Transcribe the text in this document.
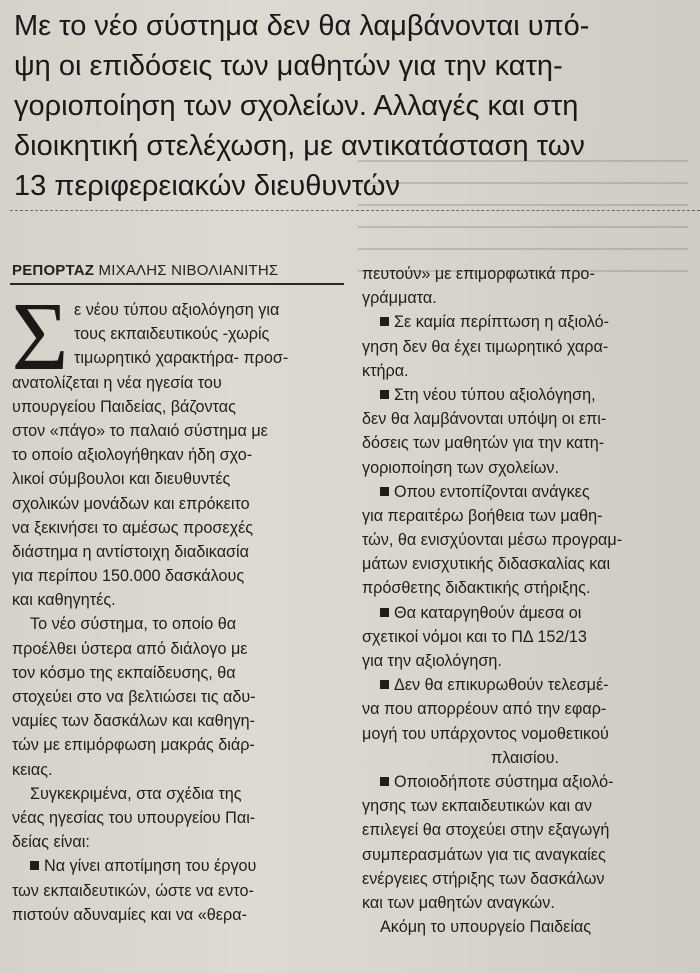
Με το νέο σύστημα δεν θα λαμβάνονται υπό-
ψη οι επιδόσεις των μαθητών για την κατη-
γοριοποίηση των σχολείων. Αλλαγές και στη
διοικητική στελέχωση, με αντικατάσταση των
13 περιφερειακών διευθυντών
ΡΕΠΟΡΤΑΖ ΜΙΧΑΛΗΣ ΝΙΒΟΛΙΑΝΙΤΗΣ
Σ ε νέου τύπου αξιολόγηση για
τους εκπαιδευτικούς -χωρίς
τιμωρητικό χαρακτήρα- προσ-
ανατολίζεται η νέα ηγεσία του
υπουργείου Παιδείας, βάζοντας
στον «πάγο» το παλαιό σύστημα με
το οποίο αξιολογήθηκαν ήδη σχο-
λικοί σύμβουλοι και διευθυντές
σχολικών μονάδων και επρόκειτο
να ξεκινήσει το αμέσως προσεχές
διάστημα η αντίστοιχη διαδικασία
για περίπου 150.000 δασκάλους
και καθηγητές.
Το νέο σύστημα, το οποίο θα
προέλθει ύστερα από διάλογο με
τον κόσμο της εκπαίδευσης, θα
στοχεύει στο να βελτιώσει τις αδυ-
ναμίες των δασκάλων και καθηγη-
τών με επιμόρφωση μακράς διάρ-
κειας.
Συγκεκριμένα, στα σχέδια της
νέας ηγεσίας του υπουργείου Παι-
δείας είναι:
Να γίνει αποτίμηση του έργου
των εκπαιδευτικών, ώστε να εντο-
πιστούν αδυναμίες και να «θερα-
πευτούν» με επιμορφωτικά προ-
γράμματα.
Σε καμία περίπτωση η αξιολό-
γηση δεν θα έχει τιμωρητικό χαρα-
κτήρα.
Στη νέου τύπου αξιολόγηση,
δεν θα λαμβάνονται υπόψη οι επι-
δόσεις των μαθητών για την κατη-
γοριοποίηση των σχολείων.
Οπου εντοπίζονται ανάγκες
για περαιτέρω βοήθεια των μαθη-
τών, θα ενισχύονται μέσω προγραμ-
μάτων ενισχυτικής διδασκαλίας και
πρόσθετης διδακτικής στήριξης.
Θα καταργηθούν άμεσα οι
σχετικοί νόμοι και το ΠΔ 152/13
για την αξιολόγηση.
Δεν θα επικυρωθούν τελεσμέ-
να που απορρέουν από την εφαρ-
μογή του υπάρχοντος νομοθετικού
πλαισίου.
Οποιοδήποτε σύστημα αξιολό-
γησης των εκπαιδευτικών και αν
επιλεγεί θα στοχεύει στην εξαγωγή
συμπερασμάτων για τις αναγκαίες
ενέργειες στήριξης των δασκάλων
και των μαθητών αναγκών.
Ακόμη το υπουργείο Παιδείας
